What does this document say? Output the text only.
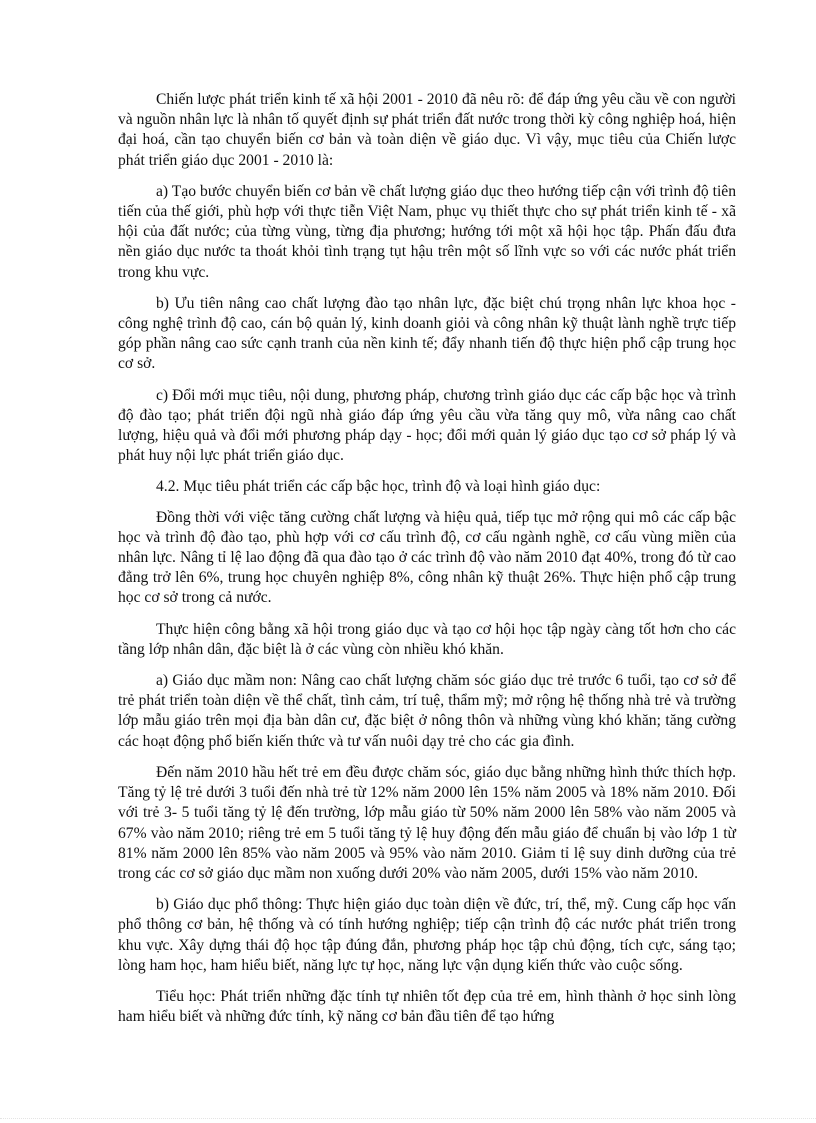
Chiến lược phát triển kinh tế xã hội 2001 - 2010 đã nêu rõ: để đáp ứng yêu cầu về con người và nguồn nhân lực là nhân tố quyết định sự phát triển đất nước trong thời kỳ công nghiệp hoá, hiện đại hoá, cần tạo chuyển biến cơ bản và toàn diện về giáo dục. Vì vậy, mục tiêu của Chiến lược phát triển giáo dục 2001 - 2010 là:

a) Tạo bước chuyển biến cơ bản về chất lượng giáo dục theo hướng tiếp cận với trình độ tiên tiến của thế giới, phù hợp với thực tiễn Việt Nam, phục vụ thiết thực cho sự phát triển kinh tế - xã hội của đất nước; của từng vùng, từng địa phương; hướng tới một xã hội học tập. Phấn đấu đưa nền giáo dục nước ta thoát khỏi tình trạng tụt hậu trên một số lĩnh vực so với các nước phát triển trong khu vực.

b) Ưu tiên nâng cao chất lượng đào tạo nhân lực, đặc biệt chú trọng nhân lực khoa học - công nghệ trình độ cao, cán bộ quản lý, kinh doanh giỏi và công nhân kỹ thuật lành nghề trực tiếp góp phần nâng cao sức cạnh tranh của nền kinh tế; đẩy nhanh tiến độ thực hiện phổ cập trung học cơ sở.

c) Đổi mới mục tiêu, nội dung, phương pháp, chương trình giáo dục các cấp bậc học và trình độ đào tạo; phát triển đội ngũ nhà giáo đáp ứng yêu cầu vừa tăng quy mô, vừa nâng cao chất lượng, hiệu quả và đổi mới phương pháp dạy - học; đổi mới quản lý giáo dục tạo cơ sở pháp lý và phát huy nội lực phát triển giáo dục.

4.2. Mục tiêu phát triển các cấp bậc học, trình độ và loại hình giáo dục:

Đồng thời với việc tăng cường chất lượng và hiệu quả, tiếp tục mở rộng qui mô các cấp bậc học và trình độ đào tạo, phù hợp với cơ cấu trình độ, cơ cấu ngành nghề, cơ cấu vùng miền của nhân lực. Nâng tỉ lệ lao động đã qua đào tạo ở các trình độ vào năm 2010 đạt 40%, trong đó từ cao đẳng trở lên 6%, trung học chuyên nghiệp 8%, công nhân kỹ thuật 26%. Thực hiện phổ cập trung học cơ sở trong cả nước.

Thực hiện công bằng xã hội trong giáo dục và tạo cơ hội học tập ngày càng tốt hơn cho các tầng lớp nhân dân, đặc biệt là ở các vùng còn nhiều khó khăn.

a) Giáo dục mầm non: Nâng cao chất lượng chăm sóc giáo dục trẻ trước 6 tuổi, tạo cơ sở để trẻ phát triển toàn diện về thể chất, tình cảm, trí tuệ, thẩm mỹ; mở rộng hệ thống nhà trẻ và trường lớp mẫu giáo trên mọi địa bàn dân cư, đặc biệt ở nông thôn và những vùng khó khăn; tăng cường các hoạt động phổ biến kiến thức và tư vấn nuôi dạy trẻ cho các gia đình.

Đến năm 2010 hầu hết trẻ em đều được chăm sóc, giáo dục bằng những hình thức thích hợp. Tăng tỷ lệ trẻ dưới 3 tuổi đến nhà trẻ từ 12% năm 2000 lên 15% năm 2005 và 18% năm 2010. Đối với trẻ 3- 5 tuổi tăng tỷ lệ đến trường, lớp mẫu giáo từ 50% năm 2000 lên 58% vào năm 2005 và 67% vào năm 2010; riêng trẻ em 5 tuổi tăng tỷ lệ huy động đến mẫu giáo để chuẩn bị vào lớp 1 từ 81% năm 2000 lên 85% vào năm 2005 và 95% vào năm 2010. Giảm tỉ lệ suy dinh dưỡng của trẻ trong các cơ sở giáo dục mầm non xuống dưới 20% vào năm 2005, dưới 15% vào năm 2010.

b) Giáo dục phổ thông: Thực hiện giáo dục toàn diện về đức, trí, thể, mỹ. Cung cấp học vấn phổ thông cơ bản, hệ thống và có tính hướng nghiệp; tiếp cận trình độ các nước phát triển trong khu vực. Xây dựng thái độ học tập đúng đắn, phương pháp học tập chủ động, tích cực, sáng tạo; lòng ham học, ham hiểu biết, năng lực tự học, năng lực vận dụng kiến thức vào cuộc sống.

Tiểu học: Phát triển những đặc tính tự nhiên tốt đẹp của trẻ em, hình thành ở học sinh lòng ham hiểu biết và những đức tính, kỹ năng cơ bản đầu tiên để tạo hứng
